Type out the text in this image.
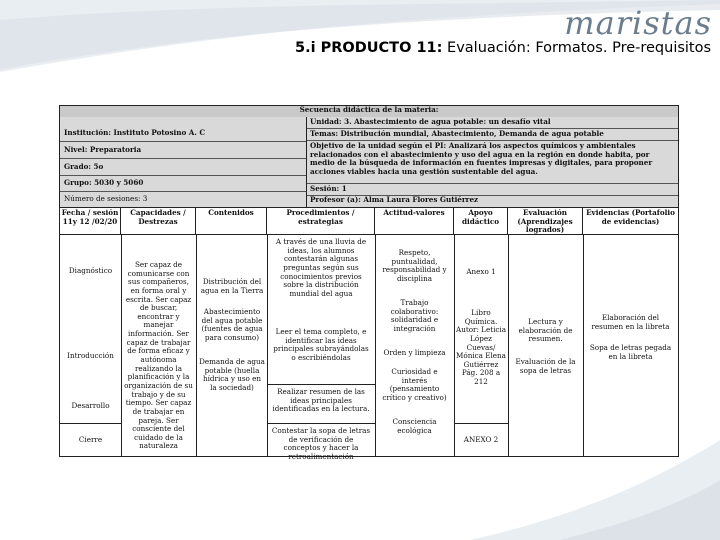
maristas
5.i PRODUCTO 11: Evaluación: Formatos. Pre-requisitos
Secuencia didáctica de la materia:
Institución: Instituto Potosino A. C
Nivel: Preparatoria
Grado: 5o
Grupo: 5030 y 5060
Número de sesiones: 3
Unidad: 3. Abastecimiento de agua potable: un desafío vital
Temas: Distribución mundial, Abastecimiento, Demanda de agua potable
Objetivo de la unidad según el PI: Analizará los aspectos químicos y ambientales relacionados con el abastecimiento y uso del agua en la región en donde habita, por medio de la búsqueda de información en fuentes impresas y digitales, para proponer acciones viables hacia una gestión sustentable del agua.
Sesión: 1
Profesor (a): Alma Laura Flores Gutiérrez
Fecha / sesión 11y 12 /02/20
Capacidades / Destrezas
Contenidos	Procedimientos / estrategias
Actitud-valores	Apoyo didáctico
Evaluación (Aprendizajes logrados)
Evidencias (Portafolio de evidencias)
Diagnóstico
Introducción
Desarrollo
Cierre
Ser capaz de comunicarse con sus compañeros, en forma oral y escrita. Ser capaz de buscar, encontrar y manejar información. Ser capaz de trabajar de forma eficaz y autónoma realizando la planificación y la organización de su trabajo y de su tiempo. Ser capaz de trabajar en pareja. Ser consciente del cuidado de la naturaleza
Distribución del agua en la Tierra
Abastecimiento del agua potable (fuentes de agua para consumo)
Demanda de agua potable (huella hídrica y uso en la sociedad)
A través de una lluvia de ideas, los alumnos contestarán algunas preguntas según sus conocimientos previos sobre la distribución mundial del agua
Leer el tema completo, e identificar las ideas principales subrayándolas o escribiéndolas
Realizar resumen de las ideas principales identificadas en la lectura.
Contestar la sopa de letras de verificación de conceptos y hacer la retroalimentación
Respeto, puntualidad, responsabilidad y disciplina
Trabajo colaborativo: solidaridad e integración
Orden y limpieza
Curiosidad e interés (pensamiento crítico y creativo)
Consciencia ecológica
Anexo 1
Libro Química. Autor: Leticia López Cuevas/ Mónica Elena Gutiérrez Pág. 208 a 212
ANEXO 2
Lectura y elaboración de resumen.
Evaluación de la sopa de letras
Elaboración del resumen en la libreta
Sopa de letras pegada en la libreta
